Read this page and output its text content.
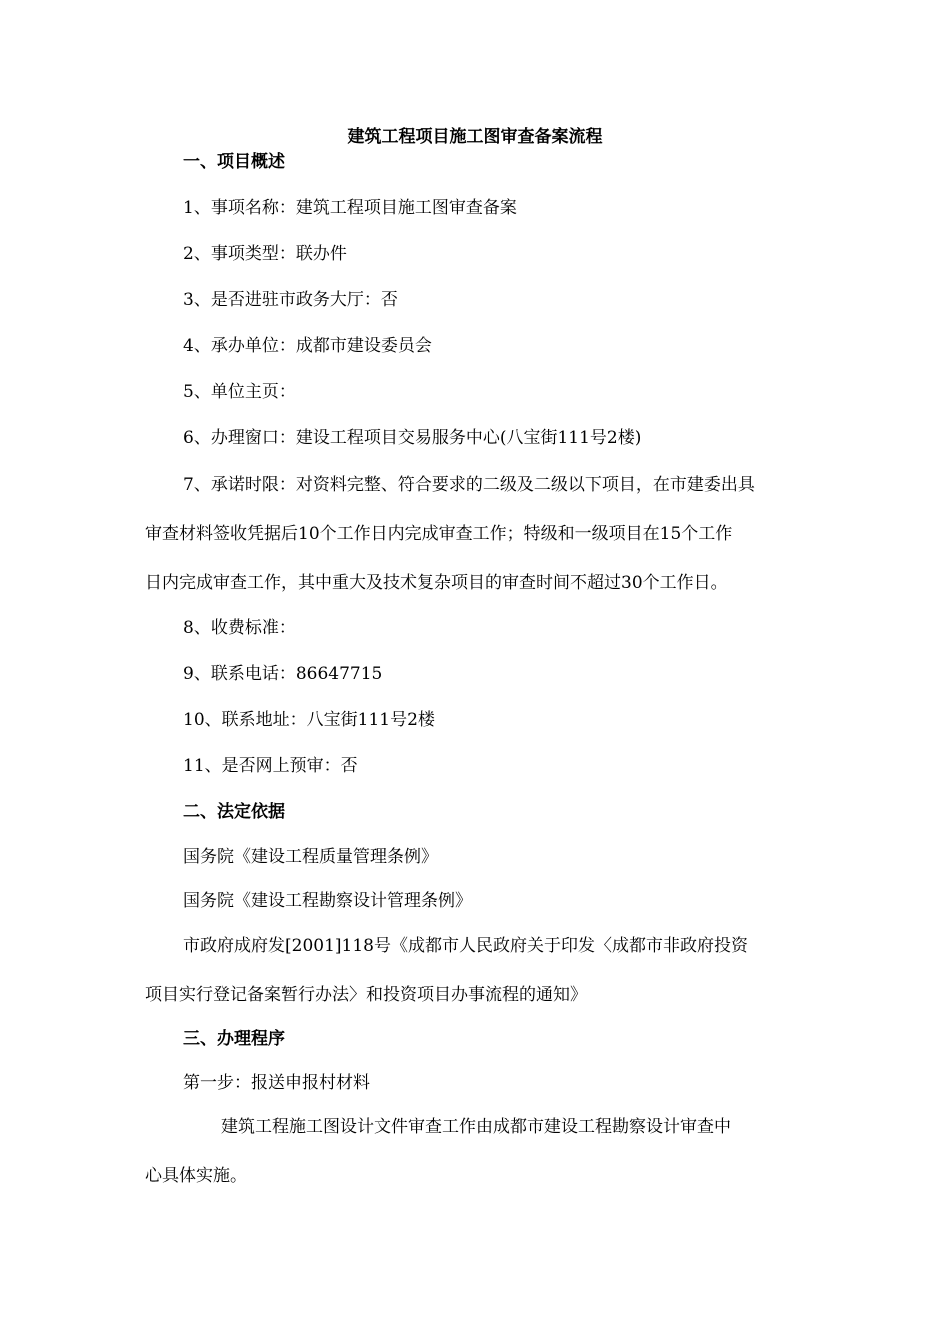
建筑工程项目施工图审查备案流程

一、项目概述

1、事项名称：建筑工程项目施工图审查备案

2、事项类型：联办件

3、是否进驻市政务大厅：否

4、承办单位：成都市建设委员会

5、单位主页：

6、办理窗口：建设工程项目交易服务中心(八宝街111号2楼)

7、承诺时限：对资料完整、符合要求的二级及二级以下项目，在市建委出具

审查材料签收凭据后10个工作日内完成审查工作；特级和一级项目在15个工作

日内完成审查工作，其中重大及技术复杂项目的审查时间不超过30个工作日。

8、收费标准：

9、联系电话：86647715

10、联系地址：八宝街111号2楼

11、是否网上预审：否

二、法定依据

国务院《建设工程质量管理条例》

国务院《建设工程勘察设计管理条例》

市政府成府发[2001]118号《成都市人民政府关于印发〈成都市非政府投资

项目实行登记备案暂行办法〉和投资项目办事流程的通知》

三、办理程序

第一步：报送申报村材料

建筑工程施工图设计文件审查工作由成都市建设工程勘察设计审查中

心具体实施。
